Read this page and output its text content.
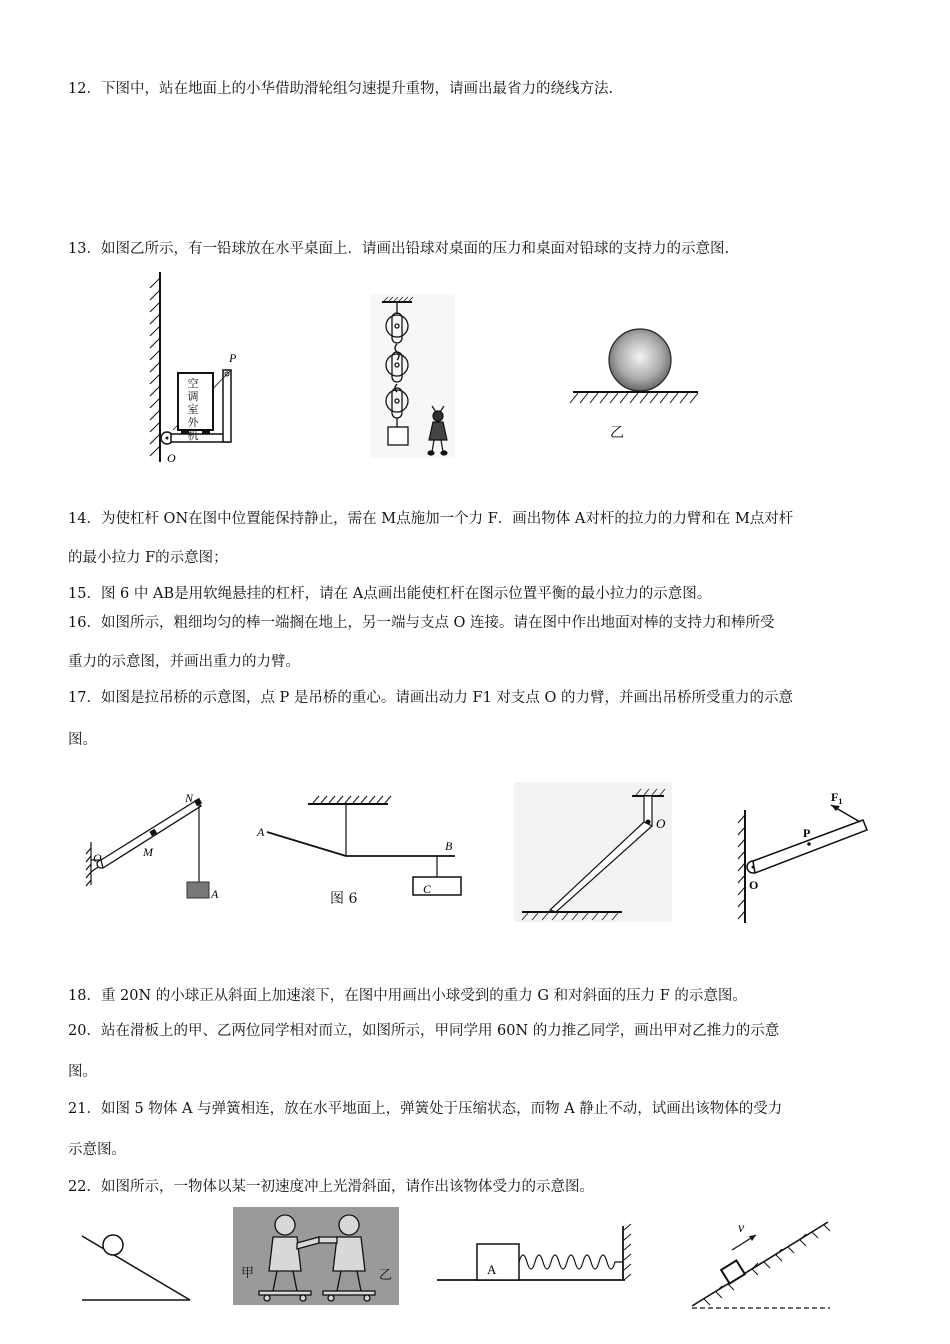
12．下图中，站在地面上的小华借助滑轮组匀速提升重物，请画出最省力的绕线方法.
13．如图乙所示，有一铅球放在水平桌面上．请画出铅球对桌面的压力和桌面对铅球的支持力的示意图.
P
O
空调室外机	乙
14．为使杠杆 ON在图中位置能保持静止，需在 M点施加一个力 F．画出物体 A对杆的拉力的力臂和在 M点对杆
的最小拉力 F的示意图；
15．图 6 中 AB是用软绳悬挂的杠杆，请在 A点画出能使杠杆在图示位置平衡的最小拉力的示意图。
16．如图所示，粗细均匀的棒一端搁在地上，另一端与支点 O 连接。请在图中作出地面对棒的支持力和棒所受
重力的示意图，并画出重力的力臂。
17．如图是拉吊桥的示意图，点 P 是吊桥的重心。请画出动力 F1 对支点 O 的力臂，并画出吊桥所受重力的示意
图。
N
M
O
A
A
B
C
图 6
O
$F_1$
P
O
18．重 20N 的小球正从斜面上加速滚下，在图中用画出小球受到的重力 G 和对斜面的压力 F 的示意图。
20．站在滑板上的甲、乙两位同学相对而立，如图所示，甲同学用 60N 的力推乙同学，画出甲对乙推力的示意
图。
21．如图 5 物体 A 与弹簧相连，放在水平地面上，弹簧处于压缩状态，而物 A 静止不动，试画出该物体的受力
示意图。
22．如图所示，一物体以某一初速度冲上光滑斜面，请作出该物体受力的示意图。
甲	乙	A
v
